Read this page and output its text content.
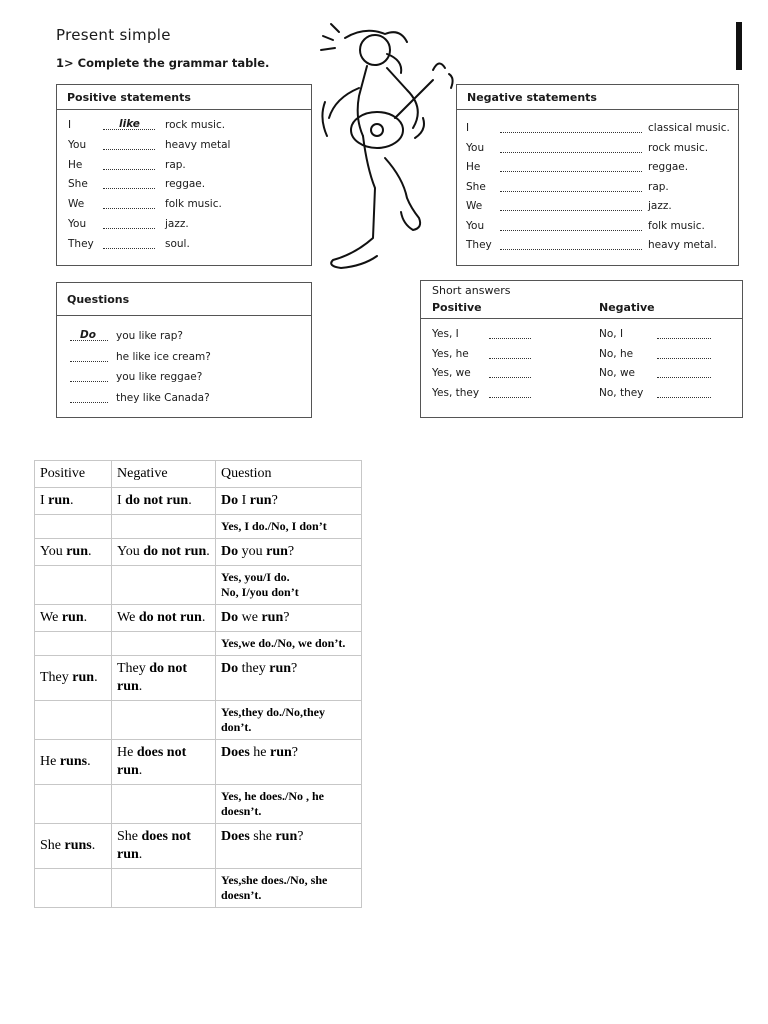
Present simple
1> Complete the grammar table.
Positive statements
I	like rock music.
You	heavy metal
He	rap.
She	reggae.
We	folk music.
You	jazz.
They	soul.
Negative statements
I	classical music.
You	rock music.
He	reggae.
She	rap.
We	jazz.
You	folk music.
They	heavy metal.
Questions
Do you like rap?
he like ice cream?
you like reggae?
they like Canada?
Short answers
Positive	Negative
Yes, I	No, I
Yes, he	No, he
Yes, we	No, we
Yes, they	No, they
Positive	Negative	Question
I run.	I do not run.	Do I run?

		Yes, I do./No, I don’t

You run.	You do not run.	Do you run?

		Yes, you/I do.
No, I/you don’t

We run.	We do not run.	Do we run?

		Yes,we do./No, we don’t.

They run.	They do not run.	Do they run?

		Yes,they do./No,they don’t.

He runs.	He does not run.	Does he run?

		Yes, he does./No , he doesn’t.

She runs.	She does not run.	Does she run?

		Yes,she does./No, she doesn’t.
